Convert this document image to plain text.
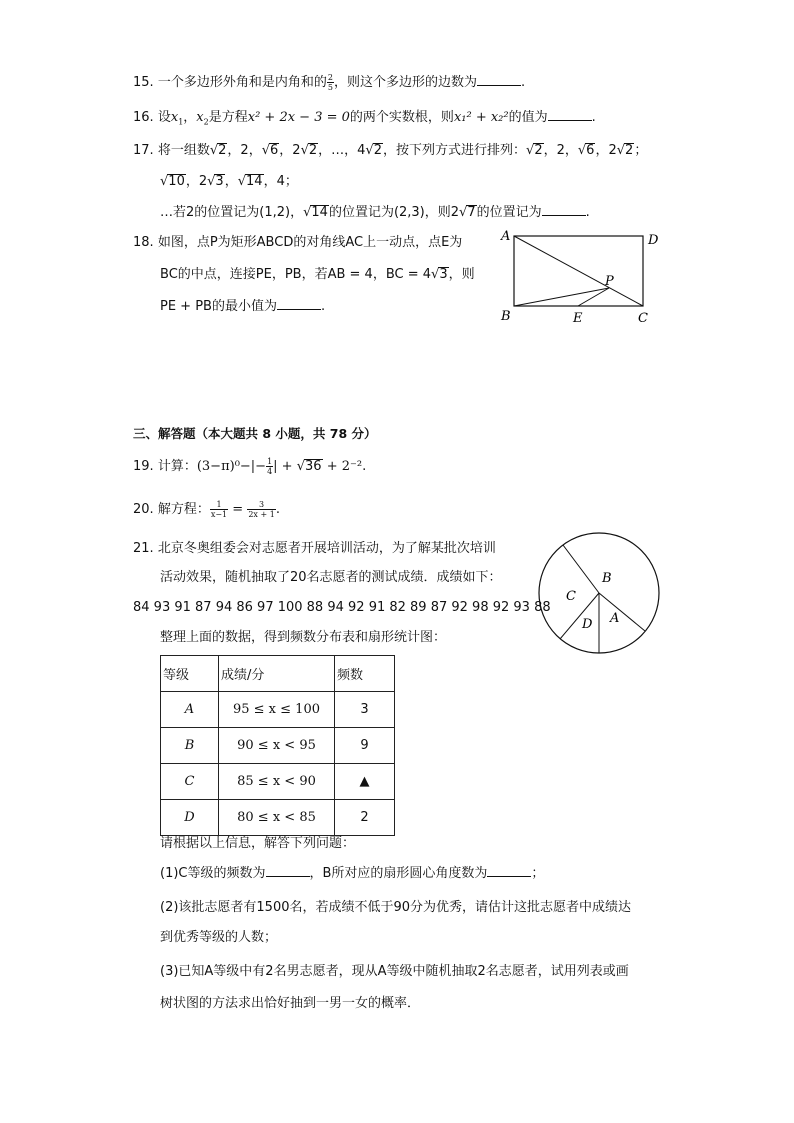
15. 一个多边形外角和是内角和的 $\frac{2}{5}$ ，则这个多边形的边数为	.
16. 设$x_1$，$x_2$是方程x² + 2x − 3 = 0的两个实数根，则x₁² + x₂²的值为	.
17. 将一组数√2，2，√6，2√2，…，4√2，按下列方式进行排列：√2，2，√6，2√2；
√10，2√3，√14，4；
…若2的位置记为(1,2)，√14的位置记为(2,3)，则2√7的位置记为	.
18. 如图，点P为矩形ABCD的对角线AC上一动点，点E为
BC的中点，连接PE，PB，若AB = 4，BC = 4√3，则
PE + PB的最小值为	.
A	D
B	E	C
P
三、解答题（本大题共 8 小题，共 78 分）
19. 计算：$(3-\pi)^0-|- \frac{1}{4}$ | + √36 + 2⁻².
20. 解方程： $\frac{1}{x-1} = \frac{3}{2x + 1}$ .
21. 北京冬奥组委会对志愿者开展培训活动，为了解某批次培训
活动效果，随机抽取了20名志愿者的测试成绩．成绩如下：
84 93 91 87 94 86 97 100 88 94 92 91 82 89 87 92 98 92 93 88
整理上面的数据，得到频数分布表和扇形统计图：
B
C
D A
等级	成绩/分	频数
A	95 ≤ x ≤ 100	3
B	90 ≤ x < 95	9
C	85 ≤ x < 90	▲
D	80 ≤ x < 85	2
请根据以上信息，解答下列问题：
(1)C等级的频数为	，B所对应的扇形圆心角度数为	；
(2)该批志愿者有1500名，若成绩不低于90分为优秀，请估计这批志愿者中成绩达
到优秀等级的人数；
(3)已知A等级中有2名男志愿者，现从A等级中随机抽取2名志愿者，试用列表或画
树状图的方法求出恰好抽到一男一女的概率．
